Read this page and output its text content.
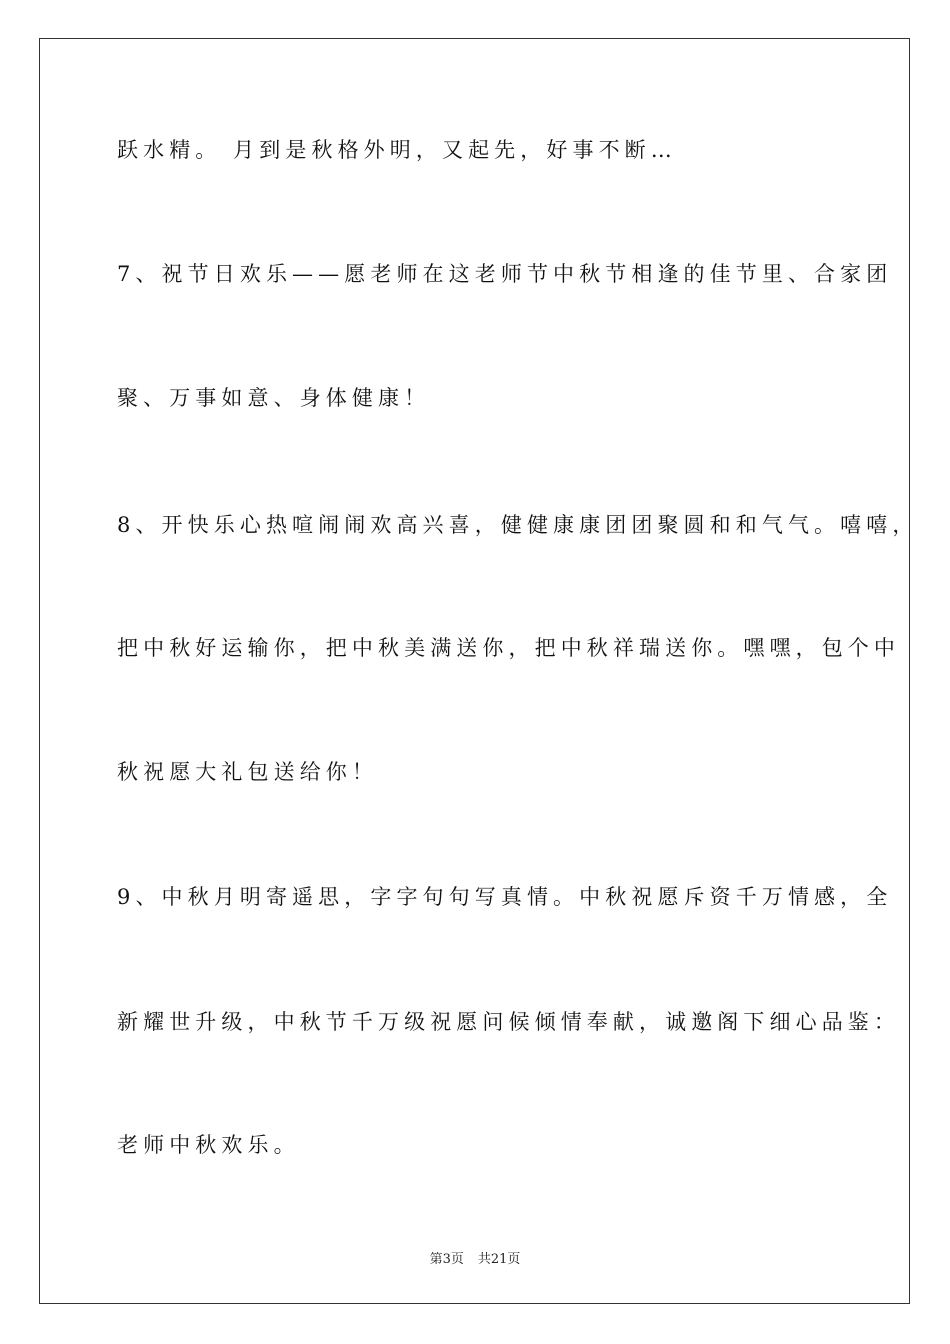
跃水精。 月到是秋格外明，又起先，好事不断…
7、祝节日欢乐——愿老师在这老师节中秋节相逢的佳节里、合家团
聚、万事如意、身体健康！
8、开快乐心热喧闹闹欢高兴喜，健健康康团团聚圆和和气气。嘻嘻，
把中秋好运输你，把中秋美满送你，把中秋祥瑞送你。嘿嘿，包个中
秋祝愿大礼包送给你！
9、中秋月明寄遥思，字字句句写真情。中秋祝愿斥资千万情感，全
新耀世升级，中秋节千万级祝愿问候倾情奉献，诚邀阁下细心品鉴：
老师中秋欢乐。
第3页 共21页
